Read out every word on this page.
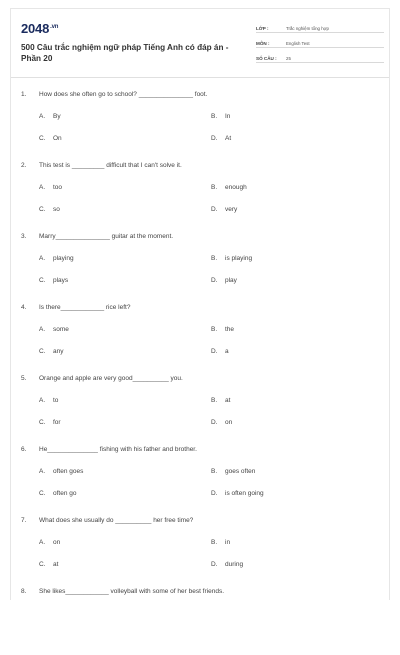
$2048^{.vn}$
500 Câu trắc nghiệm ngữ pháp Tiếng Anh có đáp án - Phần 20
LỚP :	Trắc nghiệm tổng hợp
MÔN :	English Test
SỐ CÂU :	25
1. How does she often go to school? _______________ foot.
A. By	B. In
C. On	D. At
2. This test is _________ difficult that I can't solve it.
A. too	B. enough
C. so	D. very
3. Marry_______________ guitar at the moment.
A. playing	B. is playing
C. plays	D. play
4. Is there____________ rice left?
A. some	B. the
C. any	D. a
5. Orange and apple are very good__________ you.
A. to	B. at
C. for	D. on
6. He______________ fishing with his father and brother.
A. often goes	B. goes often
C. often go	D. is often going
7. What does she usually do __________ her free time?
A. on	B. in
C. at	D. during
8. She likes____________ volleyball with some of her best friends.
